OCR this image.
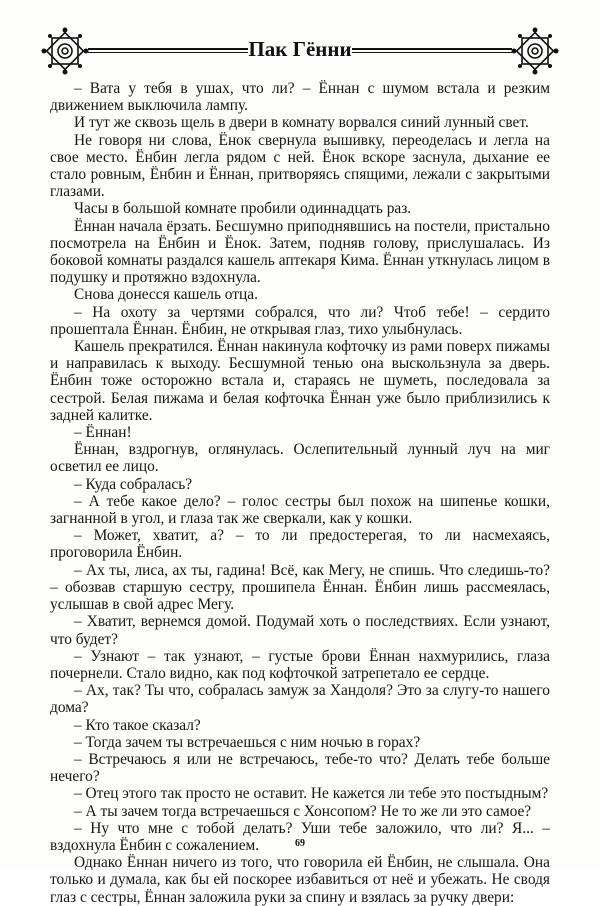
Пак Гённи

– Вата у тебя в ушах, что ли? – Ённан с шумом встала и резким движением выключила лампу.

И тут же сквозь щель в двери в комнату ворвался синий лунный свет.

Не говоря ни слова, Ёнок свернула вышивку, переоделась и легла на свое место. Ёнбин легла рядом с ней. Ёнок вскоре заснула, дыхание ее стало ровным, Ёнбин и Ённан, притворяясь спящими, лежали с закрытыми глазами.

Часы в большой комнате пробили одиннадцать раз.

Ённан начала ёрзать. Бесшумно приподнявшись на постели, пристально посмотрела на Ёнбин и Ёнок. Затем, подняв голову, прислушалась. Из боковой комнаты раздался кашель аптекаря Кима. Ённан уткнулась лицом в подушку и протяжно вздохнула.

Снова донесся кашель отца.

– На охоту за чертями собрался, что ли? Чтоб тебе! – сердито прошептала Ённан. Ёнбин, не открывая глаз, тихо улыбнулась.

Кашель прекратился. Ённан накинула кофточку из рами поверх пижамы и направилась к выходу. Бесшумной тенью она выскользнула за дверь. Ёнбин тоже осторожно встала и, стараясь не шуметь, последовала за сестрой. Белая пижама и белая кофточка Ённан уже было приблизились к задней калитке.

– Ённан!

Ённан, вздрогнув, оглянулась. Ослепительный лунный луч на миг осветил ее лицо.

– Куда собралась?

– А тебе какое дело? – голос сестры был похож на шипенье кошки, загнанной в угол, и глаза так же сверкали, как у кошки.

– Может, хватит, а? – то ли предостерегая, то ли насмехаясь, проговорила Ёнбин.

– Ах ты, лиса, ах ты, гадина! Всё, как Мегу, не спишь. Что следишь-то? – обозвав старшую сестру, прошипела Ённан. Ёнбин лишь рассмеялась, услышав в свой адрес Мегу.

– Хватит, вернемся домой. Подумай хоть о последствиях. Если узнают, что будет?

– Узнают – так узнают, – густые брови Ённан нахмурились, глаза почернели. Стало видно, как под кофточкой затрепетало ее сердце.

– Ах, так? Ты что, собралась замуж за Хандоля? Это за слугу-то нашего дома?

– Кто такое сказал?

– Тогда зачем ты встречаешься с ним ночью в горах?

– Встречаюсь я или не встречаюсь, тебе-то что? Делать тебе больше нечего?

– Отец этого так просто не оставит. Не кажется ли тебе это постыдным?

– А ты зачем тогда встречаешься с Хонсопом? Не то же ли это самое?

– Ну что мне с тобой делать? Уши тебе заложило, что ли? Я... – вздохнула Ёнбин с сожалением.

Однако Ённан ничего из того, что говорила ей Ёнбин, не слышала. Она только и думала, как бы ей поскорее избавиться от неё и убежать. Не сводя глаз с сестры, Ённан заложила руки за спину и взялась за ручку двери:

69
